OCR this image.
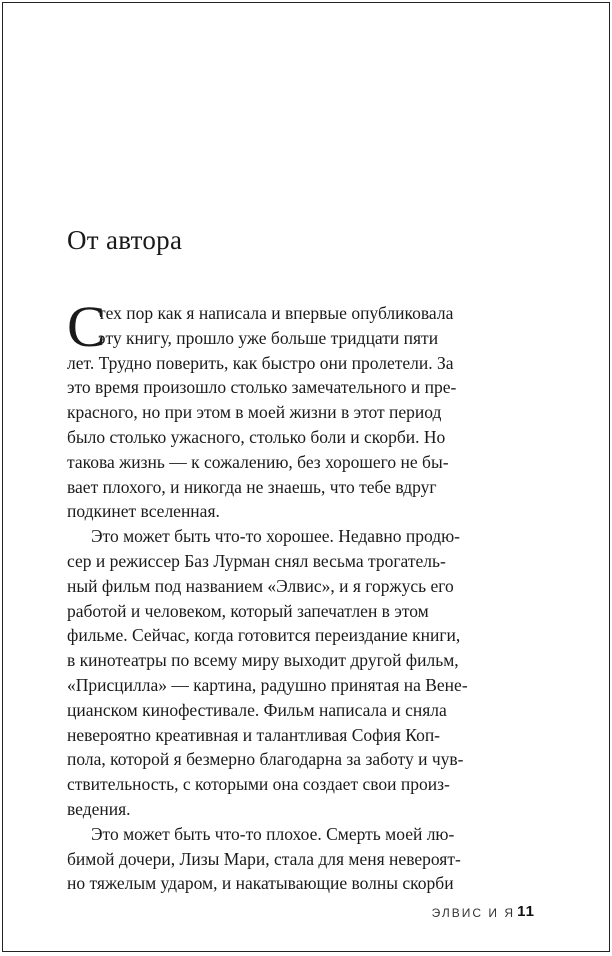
От автора
С
тех пор как я написала и впервые опубликовала
эту книгу, прошло уже больше тридцати пяти
лет. Трудно поверить, как быстро они пролетели. За
это время произошло столько замечательного и пре-
красного, но при этом в моей жизни в этот период
было столько ужасного, столько боли и скорби. Но
такова жизнь — к сожалению, без хорошего не бы-
вает плохого, и никогда не знаешь, что тебе вдруг
подкинет вселенная.
Это может быть что-то хорошее. Недавно продю-
сер и режиссер Баз Лурман снял весьма трогатель-
ный фильм под названием «Элвис», и я горжусь его
работой и человеком, который запечатлен в этом
фильме. Сейчас, когда готовится переиздание книги,
в кинотеатры по всему миру выходит другой фильм,
«Присцилла» — картина, радушно принятая на Вене-
цианском кинофестивале. Фильм написала и сняла
невероятно креативная и талантливая София Коп-
пола, которой я безмерно благодарна за заботу и чув-
ствительность, с которыми она создает свои произ-
ведения.
Это может быть что-то плохое. Смерть моей лю-
бимой дочери, Лизы Мари, стала для меня невероят-
но тяжелым ударом, и накатывающие волны скорби
ЭЛВИС И Я 11
